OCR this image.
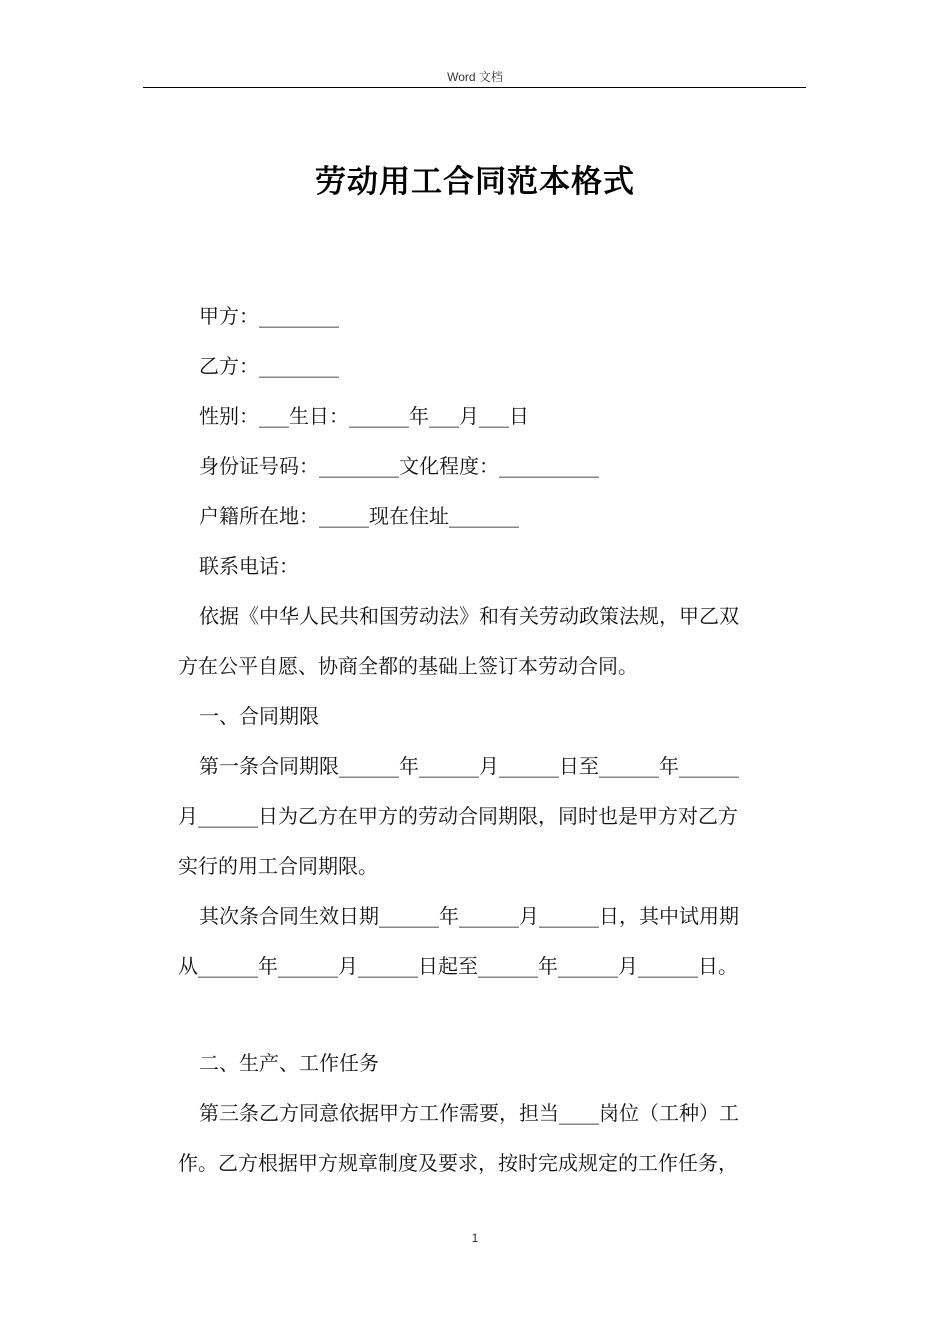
Word 文档
劳动用工合同范本格式

甲方：________

乙方：________

性别：___生日：______年___月___日

身份证号码：________文化程度：__________

户籍所在地：_____现在住址_______

联系电话：

依据《中华人民共和国劳动法》和有关劳动政策法规，甲乙双

方在公平自愿、协商全都的基础上签订本劳动合同。

一、合同期限

第一条合同期限______年______月______日至______年______

月______日为乙方在甲方的劳动合同期限，同时也是甲方对乙方

实行的用工合同期限。

其次条合同生效日期______年______月______日，其中试用期

从______年______月______日起至______年______月______日。

二、生产、工作任务

第三条乙方同意依据甲方工作需要，担当____岗位（工种）工

作。乙方根据甲方规章制度及要求，按时完成规定的工作任务，

1
